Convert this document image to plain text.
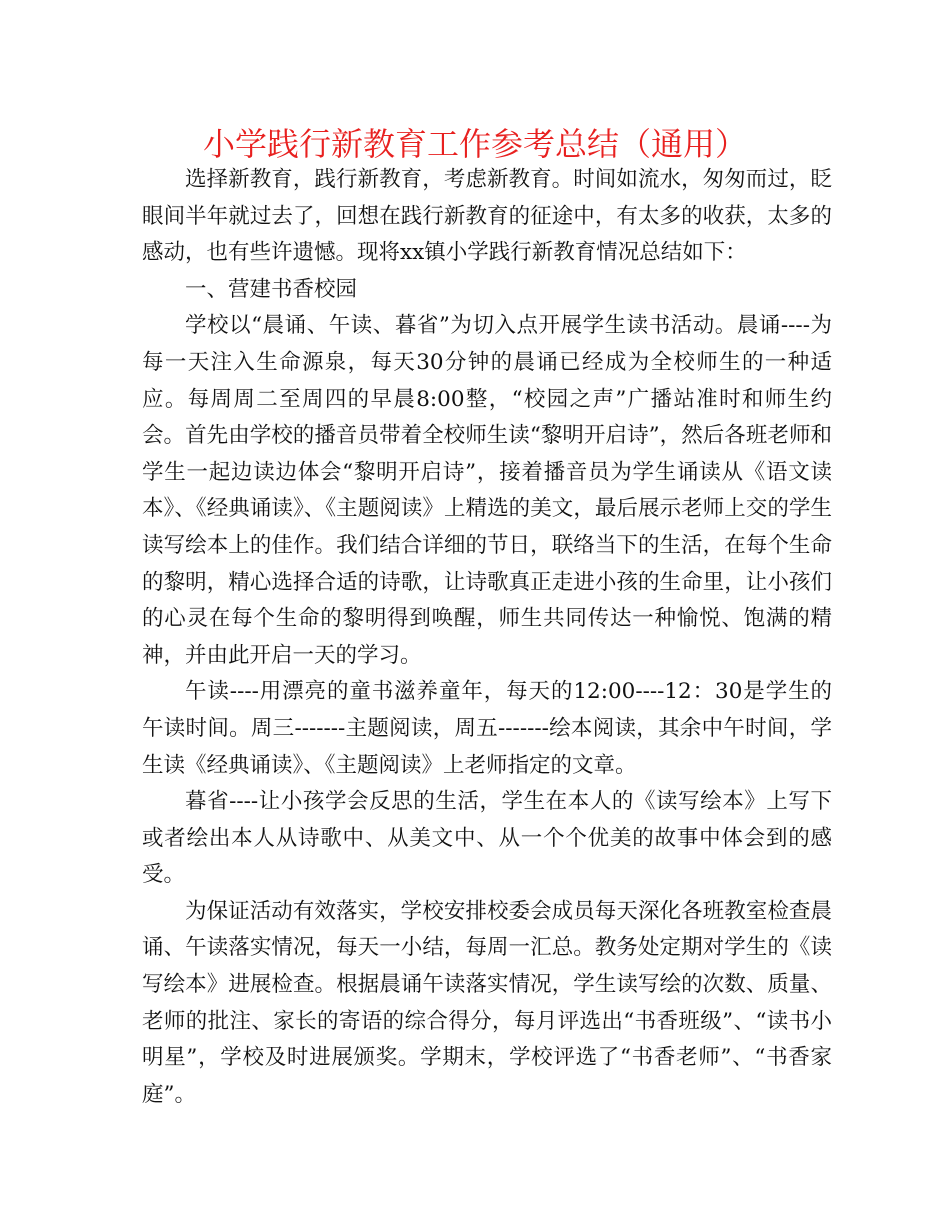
小学践行新教育工作参考总结（通用）

选择新教育，践行新教育，考虑新教育。时间如流水，匆匆而过，眨眼间半年就过去了，回想在践行新教育的征途中，有太多的收获，太多的感动，也有些许遗憾。现将xx镇小学践行新教育情况总结如下：

一、营建书香校园

学校以“晨诵、午读、暮省”为切入点开展学生读书活动。晨诵----为每一天注入生命源泉，每天30分钟的晨诵已经成为全校师生的一种适应。每周周二至周四的早晨8:00整，“校园之声”广播站准时和师生约会。首先由学校的播音员带着全校师生读“黎明开启诗”，然后各班老师和学生一起边读边体会“黎明开启诗”，接着播音员为学生诵读从《语文读本》、《经典诵读》、《主题阅读》上精选的美文，最后展示老师上交的学生读写绘本上的佳作。我们结合详细的节日，联络当下的生活，在每个生命的黎明，精心选择合适的诗歌，让诗歌真正走进小孩的生命里，让小孩们的心灵在每个生命的黎明得到唤醒，师生共同传达一种愉悦、饱满的精神，并由此开启一天的学习。

午读----用漂亮的童书滋养童年，每天的12:00----12：30是学生的午读时间。周三-------主题阅读，周五-------绘本阅读，其余中午时间，学生读《经典诵读》、《主题阅读》上老师指定的文章。

暮省----让小孩学会反思的生活，学生在本人的《读写绘本》上写下或者绘出本人从诗歌中、从美文中、从一个个优美的故事中体会到的感受。

为保证活动有效落实，学校安排校委会成员每天深化各班教室检查晨诵、午读落实情况，每天一小结，每周一汇总。教务处定期对学生的《读写绘本》进展检查。根据晨诵午读落实情况，学生读写绘的次数、质量、老师的批注、家长的寄语的综合得分，每月评选出“书香班级”、“读书小明星”，学校及时进展颁奖。学期末，学校评选了“书香老师”、“书香家庭”。
